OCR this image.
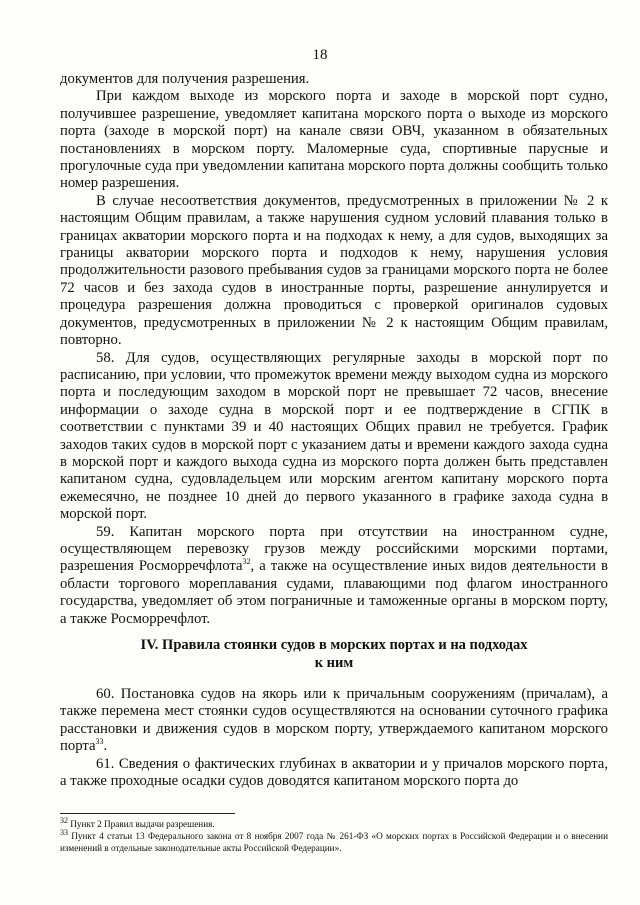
18

документов для получения разрешения.

При каждом выходе из морского порта и заходе в морской порт судно, получившее разрешение, уведомляет капитана морского порта о выходе из морского порта (заходе в морской порт) на канале связи ОВЧ, указанном в обязательных постановлениях в морском порту. Маломерные суда, спортивные парусные и прогулочные суда при уведомлении капитана морского порта должны сообщить только номер разрешения.

В случае несоответствия документов, предусмотренных в приложении № 2 к настоящим Общим правилам, а также нарушения судном условий плавания только в границах акватории морского порта и на подходах к нему, а для судов, выходящих за границы акватории морского порта и подходов к нему, нарушения условия продолжительности разового пребывания судов за границами морского порта не более 72 часов и без захода судов в иностранные порты, разрешение аннулируется и процедура разрешения должна проводиться с проверкой оригиналов судовых документов, предусмотренных в приложении № 2 к настоящим Общим правилам, повторно.

58. Для судов, осуществляющих регулярные заходы в морской порт по расписанию, при условии, что промежуток времени между выходом судна из морского порта и последующим заходом в морской порт не превышает 72 часов, внесение информации о заходе судна в морской порт и ее подтверждение в СГПК в соответствии с пунктами 39 и 40 настоящих Общих правил не требуется. График заходов таких судов в морской порт с указанием даты и времени каждого захода судна в морской порт и каждого выхода судна из морского порта должен быть представлен капитаном судна, судовладельцем или морским агентом капитану морского порта ежемесячно, не позднее 10 дней до первого указанного в графике захода судна в морской порт.

59. Капитан морского порта при отсутствии на иностранном судне, осуществляющем перевозку грузов между российскими морскими портами, разрешения Росморречфлота$^{32}$, а также на осуществление иных видов деятельности в области торгового мореплавания судами, плавающими под флагом иностранного государства, уведомляет об этом пограничные и таможенные органы в морском порту, а также Росморречфлот.

IV. Правила стоянки судов в морских портах и на подходах
к ним

60. Постановка судов на якорь или к причальным сооружениям (причалам), а также перемена мест стоянки судов осуществляются на основании суточного графика расстановки и движения судов в морском порту, утверждаемого капитаном морского порта$^{33}$.

61. Сведения о фактических глубинах в акватории и у причалов морского порта, а также проходные осадки судов доводятся капитаном морского порта до

$^{32}$ Пункт 2 Правил выдачи разрешения.

$^{33}$ Пункт 4 статьи 13 Федерального закона от 8 ноября 2007 года № 261-ФЗ «О морских портах в Российской Федерации и о внесении изменений в отдельные законодательные акты Российской Федерации».
